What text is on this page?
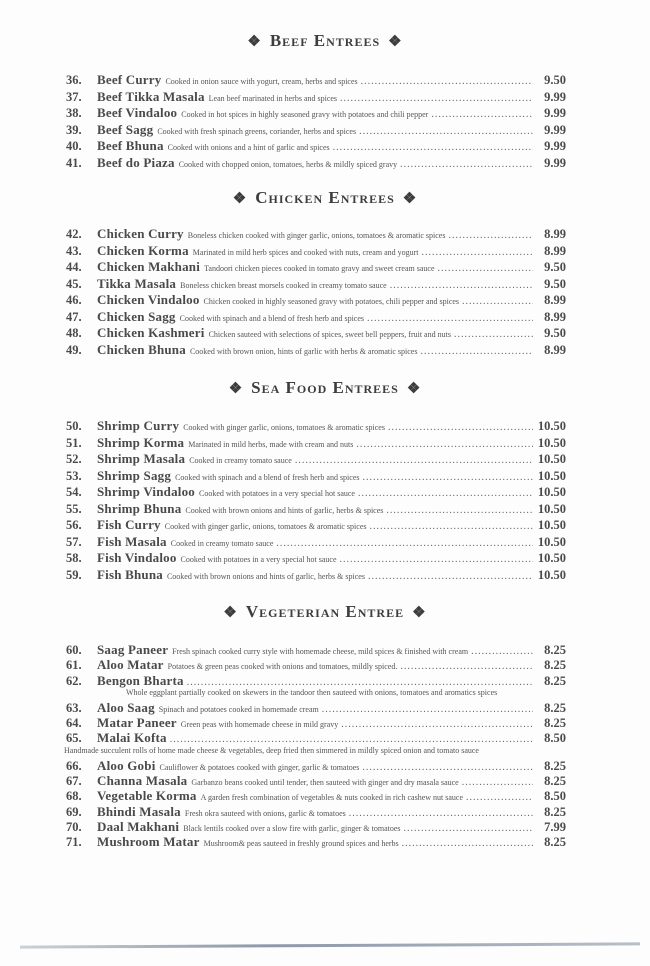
❖ Beef Entrees ❖
36.	Beef Curry Cooked in onion sauce with yogurt, cream, herbs and spices .....	9.50
37.	Beef Tikka Masala Lean beef marinated in herbs and spices .....	9.99
38.	Beef Vindaloo Cooked in hot spices in highly seasoned gravy with potatoes and chili pepper .....	9.99
39.	Beef Sagg Cooked with fresh spinach greens, coriander, herbs and spices .....	9.99
40.	Beef Bhuna Cooked with onions and a hint of garlic and spices .....	9.99
41.	Beef do Piaza Cooked with chopped onion, tomatoes, herbs & mildly spiced gravy .....	9.99
❖ Chicken Entrees ❖
42.	Chicken Curry Boneless chicken cooked with ginger garlic, onions, tomatoes & aromatic spices .....	8.99
43.	Chicken Korma Marinated in mild herb spices and cooked with nuts, cream and yogurt .....	8.99
44.	Chicken Makhani Tandoori chicken pieces cooked in tomato gravy and sweet cream sauce .....	9.50
45.	Tikka Masala Boneless chicken breast morsels cooked in creamy tomato sauce .....	9.50
46.	Chicken Vindaloo Chicken cooked in highly seasoned gravy with potatoes, chili pepper and spices .....	8.99
47.	Chicken Sagg Cooked with spinach and a blend of fresh herb and spices .....	8.99
48.	Chicken Kashmeri Chicken sauteed with selections of spices, sweet bell peppers, fruit and nuts .....	9.50
49.	Chicken Bhuna Cooked with brown onion, hints of garlic with herbs & aromatic spices .....	8.99
❖ Sea Food Entrees ❖
50.	Shrimp Curry Cooked with ginger garlic, onions, tomatoes & aromatic spices .....	10.50
51.	Shrimp Korma Marinated in mild herbs, made with cream and nuts .....	10.50
52.	Shrimp Masala Cooked in creamy tomato sauce .....	10.50
53.	Shrimp Sagg Cooked with spinach and a blend of fresh herb and spices .....	10.50
54.	Shrimp Vindaloo Cooked with potatoes in a very special hot sauce .....	10.50
55.	Shrimp Bhuna Cooked with brown onions and hints of garlic, herbs & spices .....	10.50
56.	Fish Curry Cooked with ginger garlic, onions, tomatoes & aromatic spices .....	10.50
57.	Fish Masala Cooked in creamy tomato sauce .....	10.50
58.	Fish Vindaloo Cooked with potatoes in a very special hot sauce .....	10.50
59.	Fish Bhuna Cooked with brown onions and hints of garlic, herbs & spices .....	10.50
❖ Vegeterian Entree ❖
60.	Saag Paneer Fresh spinach cooked curry style with homemade cheese, mild spices & finished with cream .....	8.25
61.	Aloo Matar Potatoes & green peas cooked with onions and tomatoes, mildly spiced. .....	8.25
62.	Bengon Bharta .....	8.25
Whole eggplant partially cooked on skewers in the tandoor then sauteed with onions, tomatoes and aromatics spices
63.	Aloo Saag Spinach and potatoes cooked in homemade cream .....	8.25
64.	Matar Paneer Green peas with homemade cheese in mild gravy .....	8.25
65.	Malai Kofta .....	8.50
Handmade succulent rolls of home made cheese & vegetables, deep fried then simmered in mildly spiced onion and tomato sauce
66.	Aloo Gobi Cauliflower & potatoes cooked with ginger, garlic & tomatoes .....	8.25
67.	Channa Masala Garbanzo beans cooked until tender, then sauteed with ginger and dry masala sauce .....	8.25
68.	Vegetable Korma A garden fresh combination of vegetables & nuts cooked in rich cashew nut sauce .....	8.50
69.	Bhindi Masala Fresh okra sauteed with onions, garlic & tomatoes .....	8.25
70.	Daal Makhani Black lentils cooked over a slow fire with garlic, ginger & tomatoes .....	7.99
71.	Mushroom Matar Mushroom& peas sauteed in freshly ground spices and herbs .....	8.25
